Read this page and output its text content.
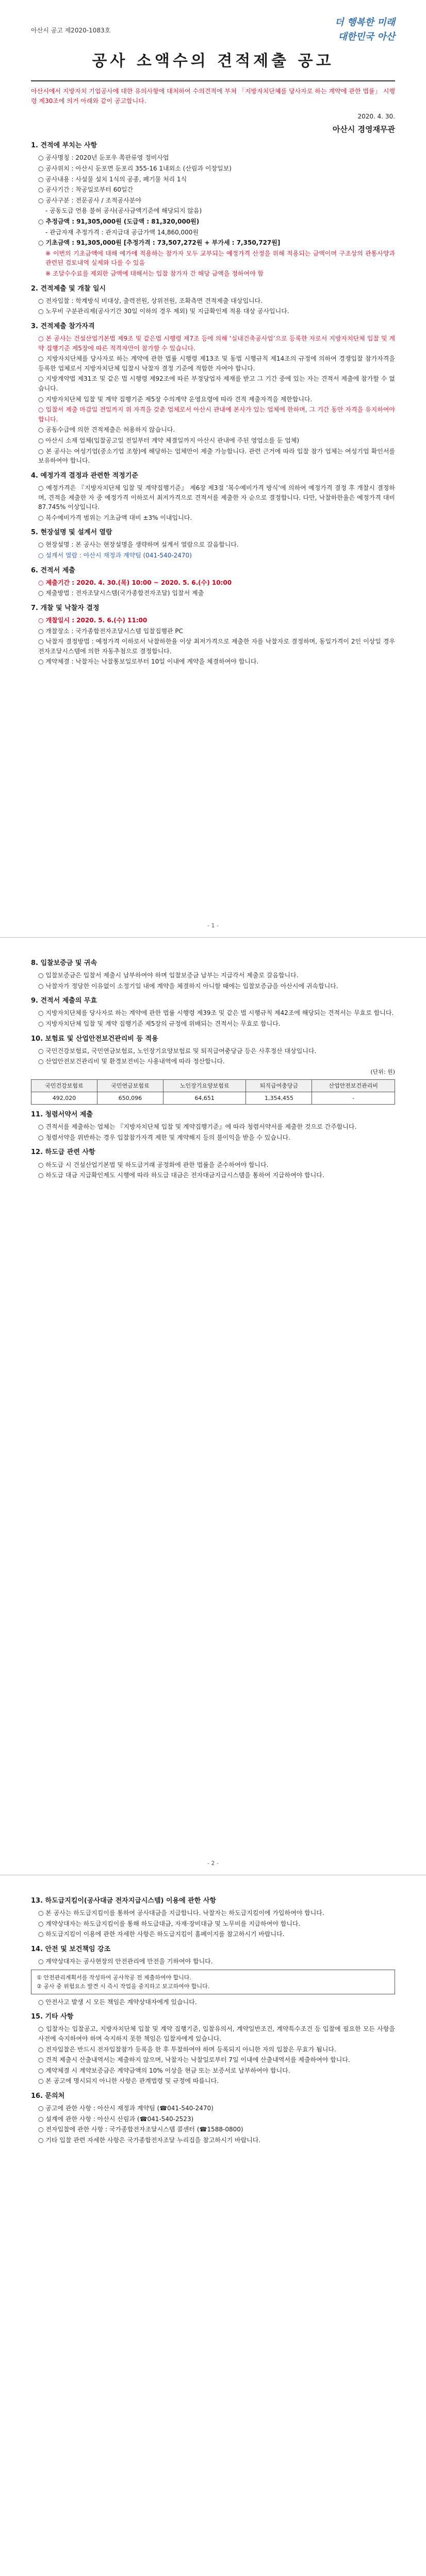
아산시 공고 제2020-1083호
더 행복한 미래
대한민국 아산
공사 소액수의 견적제출 공고
아산시에서 지방자치 기업공사에 대한 유의사항에 대처하여 수의견적에 부쳐 「지방자치단체를 당사자로 하는 계약에 관한 법률」 시행령 제30조에 의거 아래와 같이 공고합니다.
2020. 4. 30.
아산시 경영재무관
1. 견적에 부치는 사항
○ 공사명칭 : 2020년 둔포우 쪽판류영 정비사업
○ 공사위치 : 아산시 둔포면 둔포리 355-16 1내외소 (산림과 이장일보)
○ 공사내용 : 사설물 설치 1식의 공종, 폐기물 처리 1식
○ 공사기간 : 착공일로부터 60일간
○ 공사구분 : 전문공사 / 조적공사분야
- 공동도급 언용 불허 공사(공사금액기준에 해당되지 않음)
○ 추정금액 : 91,305,000원 (도급액 : 81,320,000원)
- 관급자재 추정가격 : 관지급대 공급가액 14,860,000원
○ 기초금액 : 91,305,000원 [추정가격 : 73,507,272원 + 부가세 : 7,350,727원]
※ 이번의 기초금액에 대해 예가에 적용하는 참가자 모두 교부되는 예정가격 산정을 위해 적용되는 금액이며 구조상의 관통사양과 관련된 검토내역 실제와 다를 수 있음
※ 조달수수료를 제외한 금액에 대해서는 입찰 참가자 간 해당 금액을 정하여야 함
2. 견적제출 및 개찰 일시
○ 전자입찰 : 학계방식 비대상, 출력전원, 상위전원, 조확측면 견적제출 대상입니다.
○ 노무비 구분관리제(공사기간 30일 이하의 경우 제외) 및 지급확인제 적용 대상 공사입니다.
3. 견적제출 참가자격
○ 본 공사는 건설산업기본법 제9조 및 같은법 시행령 제7조 등에 의해 ‘실내건축공사업’으로 등록한 자로서 지방자치단체 입찰 및 계약 집행기준 제5장에 따른 적격자만이 참가할 수 있습니다.
○ 지방자치단체를 당사자로 하는 계약에 관한 법률 시행령 제13조 및 동법 시행규칙 제14조의 규정에 의하여 경쟁입찰 참가자격을 등록한 업체로서 지방자치단체 입찰시 낙찰자 결정 기준에 적합한 자여야 합니다.
○ 지방계약법 제31조 및 같은 법 시행령 제92조에 따른 부정당업자 제재를 받고 그 기간 중에 있는 자는 견적서 제출에 참가할 수 없습니다.
○ 지방자치단체 입찰 및 계약 집행기준 제5장 수의계약 운영요령에 따라 견적 제출자격을 제한합니다.
○ 입찰서 제출 마감일 전일까지 위 자격을 갖춘 업체로서 아산시 관내에 본사가 있는 업체에 한하며, 그 기간 동안 자격을 유지하여야 합니다.
○ 공동수급에 의한 견적제출은 허용하지 않습니다.
○ 아산시 소재 업체(입찰공고일 전일부터 계약 체결일까지 아산시 관내에 주된 영업소를 둔 업체)
○ 본 공사는 여성기업(중소기업 조항)에 해당하는 업체만이 제출 가능합니다. 관련 근거에 따라 입찰 참가 업체는 여성기업 확인서를 보유하여야 합니다.
4. 예정가격 결정과 관련한 적정기준
○ 예정가격은 『지방자치단체 입찰 및 계약집행기준』 제6장 제3절 ‘복수예비가격 방식’에 의하여 예정가격 결정 후 개찰시 결정하며, 견적을 제출한 자 중 예정가격 이하로서 최저가격으로 견적서를 제출한 자 순으로 결정합니다. 다만, 낙찰하한율은 예정가격 대비 87.745% 이상입니다.
○ 복수예비가격 범위는 기초금액 대비 ±3% 이내입니다.
5. 현장설명 및 설계서 열람
○ 현장설명 : 본 공사는 현장설명을 생략하며 설계서 열람으로 갈음합니다.
○ 설계서 열람 : 아산시 재정과 계약팀 (041-540-2470)
6. 견적서 제출
○ 제출기간 : 2020. 4. 30.(목) 10:00 ~ 2020. 5. 6.(수) 10:00
○ 제출방법 : 전자조달시스템(국가종합전자조달) 입찰서 제출
7. 개찰 및 낙찰자 결정
○ 개찰일시 : 2020. 5. 6.(수) 11:00
○ 개찰장소 : 국가종합전자조달시스템 입찰집행관 PC
○ 낙찰자 결정방법 : 예정가격 이하로서 낙찰하한율 이상 최저가격으로 제출한 자를 낙찰자로 결정하며, 동일가격이 2인 이상일 경우 전자조달시스템에 의한 자동추첨으로 결정합니다.
○ 계약체결 : 낙찰자는 낙찰통보일로부터 10일 이내에 계약을 체결하여야 합니다.
- 1 -
8. 입찰보증금 및 귀속
○ 입찰보증금은 입찰서 제출시 납부하여야 하며 입찰보증금 납부는 지급각서 제출로 갈음합니다.
○ 낙찰자가 정당한 이유없이 소정기일 내에 계약을 체결하지 아니할 때에는 입찰보증금을 아산시에 귀속합니다.
9. 견적서 제출의 무효
○ 지방자치단체를 당사자로 하는 계약에 관한 법률 시행령 제39조 및 같은 법 시행규칙 제42조에 해당되는 견적서는 무효로 합니다.
○ 지방자치단체 입찰 및 계약 집행기준 제5장의 규정에 위배되는 견적서는 무효로 합니다.
10. 보험료 및 산업안전보건관리비 등 적용
○ 국민건강보험료, 국민연금보험료, 노인장기요양보험료 및 퇴직급여충당금 등은 사후정산 대상입니다.
○ 산업안전보건관리비 및 환경보전비는 사용내역에 따라 정산합니다.
(단위: 원)
국민건강보험료	국민연금보험료	노인장기요양보험료	퇴직급여충당금	산업안전보건관리비
492,020	650,096	64,651	1,354,455	-
11. 청렴서약서 제출
○ 견적서를 제출하는 업체는 『지방자치단체 입찰 및 계약집행기준』에 따라 청렴서약서를 제출한 것으로 간주합니다.
○ 청렴서약을 위반하는 경우 입찰참가자격 제한 및 계약해지 등의 불이익을 받을 수 있습니다.
12. 하도급 관련 사항
○ 하도급 시 건설산업기본법 및 하도급거래 공정화에 관한 법률을 준수하여야 합니다.
○ 하도급 대금 지급확인제도 시행에 따라 하도급 대금은 전자대금지급시스템을 통하여 지급하여야 합니다.
- 2 -
13. 하도급지킴이(공사대금 전자지급시스템) 이용에 관한 사항
○ 본 공사는 하도급지킴이를 통하여 공사대금을 지급합니다. 낙찰자는 하도급지킴이에 가입하여야 합니다.
○ 계약상대자는 하도급지킴이를 통해 하도급대금, 자재·장비대금 및 노무비를 지급하여야 합니다.
○ 하도급지킴이 이용에 관한 자세한 사항은 하도급지킴이 홈페이지를 참고하시기 바랍니다.
14. 안전 및 보건책임 강조
○ 계약상대자는 공사현장의 안전관리에 만전을 기하여야 합니다.
① 안전관리계획서를 작성하여 공사착공 전 제출하여야 합니다.
② 공사 중 위험요소 발견 시 즉시 작업을 중지하고 보고하여야 합니다.
○ 안전사고 발생 시 모든 책임은 계약상대자에게 있습니다.
15. 기타 사항
○ 입찰자는 입찰공고, 지방자치단체 입찰 및 계약 집행기준, 입찰유의서, 계약일반조건, 계약특수조건 등 입찰에 필요한 모든 사항을 사전에 숙지하여야 하며 숙지하지 못한 책임은 입찰자에게 있습니다.
○ 전자입찰은 반드시 전자입찰참가 등록을 한 후 투찰하여야 하며 등록되지 아니한 자의 입찰은 무효가 됩니다.
○ 견적 제출시 산출내역서는 제출하지 않으며, 낙찰자는 낙찰일로부터 7일 이내에 산출내역서를 제출하여야 합니다.
○ 계약체결 시 계약보증금은 계약금액의 10% 이상을 현금 또는 보증서로 납부하여야 합니다.
○ 본 공고에 명시되지 아니한 사항은 관계법령 및 규정에 따릅니다.
16. 문의처
○ 공고에 관한 사항 : 아산시 재정과 계약팀 (☎041-540-2470)
○ 설계에 관한 사항 : 아산시 산림과 (☎041-540-2523)
○ 전자입찰에 관한 사항 : 국가종합전자조달시스템 콜센터 (☎1588-0800)
○ 기타 입찰 관련 자세한 사항은 국가종합전자조달 누리집을 참고하시기 바랍니다.
